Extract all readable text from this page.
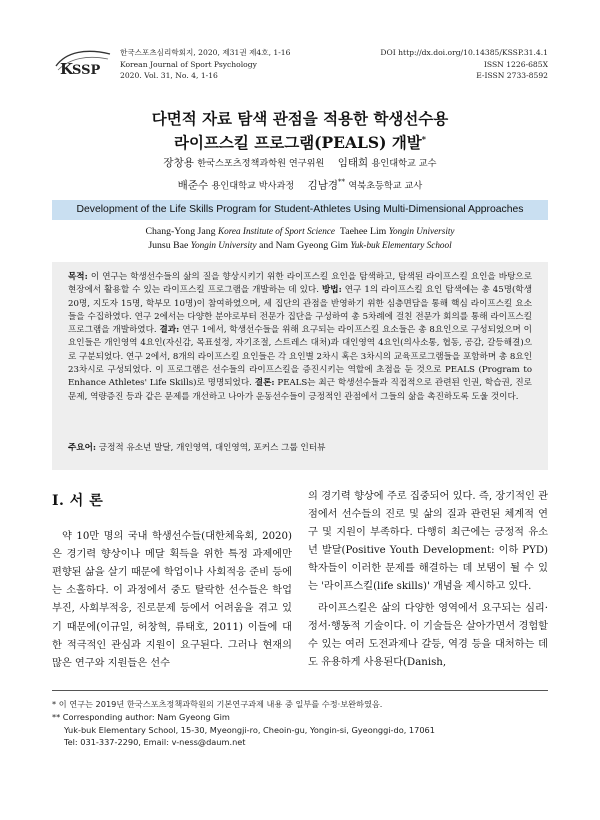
K
SSP
한국스포츠심리학회지, 2020, 제31권 제4호, 1-16
Korean Journal of Sport Psychology
2020. Vol. 31, No. 4, 1-16
DOI http://dx.doi.org/10.14385/KSSP.31.4.1
ISSN 1226-685X
E-ISSN 2733-8592
다면적 자료 탐색 관점을 적용한 학생선수용
라이프스킬 프로그램(PEALS) 개발*
장창용 한국스포츠정책과학원 연구위원 임태희 용인대학교 교수
배준수 용인대학교 박사과정 김남경** 역북초등학교 교사
Development of the Life Skills Program for Student-Athletes Using Multi-Dimensional Approaches
Chang-Yong Jang Korea Institute of Sport Science Taehee Lim Yongin University
Junsu Bae Yongin University and Nam Gyeong Gim Yuk-buk Elementary School

목적: 이 연구는 학생선수들의 삶의 질을 향상시키기 위한 라이프스킬 요인을 탐색하고, 탐색된 라이프스킬 요인을 바탕으로 현장에서 활용할 수 있는 라이프스킬 프로그램을 개발하는 데 있다. 방법: 연구 1의 라이프스킬 요인 탐색에는 총 45명(학생 20명, 지도자 15명, 학부모 10명)이 참여하였으며, 세 집단의 관점을 반영하기 위한 심층면담을 통해 핵심 라이프스킬 요소들을 수집하였다. 연구 2에서는 다양한 분야로부터 전문가 집단을 구성하여 총 5차례에 걸친 전문가 회의를 통해 라이프스킬 프로그램을 개발하였다. 결과: 연구 1에서, 학생선수들을 위해 요구되는 라이프스킬 요소들은 총 8요인으로 구성되었으며 이 요인들은 개인영역 4요인(자신감, 목표설정, 자기조절, 스트레스 대처)과 대인영역 4요인(의사소통, 협동, 공감, 갈등해결)으로 구분되었다. 연구 2에서, 8개의 라이프스킬 요인들은 각 요인별 2차시 혹은 3차시의 교육프로그램들을 포함하며 총 8요인 23차시로 구성되었다. 이 프로그램은 선수들의 라이프스킬을 증진시키는 역할에 초점을 둔 것으로 PEALS (Program to Enhance Athletes' Life Skills)로 명명되었다. 결론: PEALS는 최근 학생선수들과 직접적으로 관련된 인권, 학습권, 진로문제, 역량증진 등과 같은 문제를 개선하고 나아가 운동선수들이 긍정적인 관점에서 그들의 삶을 촉진하도록 도울 것이다.

주요어: 긍정적 유소년 발달, 개인영역, 대인영역, 포커스 그룹 인터뷰

I. 서 론

약 10만 명의 국내 학생선수들(대한체육회, 2020)은 경기력 향상이나 메달 획득을 위한 특정 과제에만 편향된 삶을 살기 때문에 학업이나 사회적응 준비 등에는 소홀하다. 이 과정에서 중도 탈락한 선수들은 학업부진, 사회부적응, 진로문제 등에서 어려움을 겪고 있기 때문에(이규일, 허창혁, 류태호, 2011) 이들에 대한 적극적인 관심과 지원이 요구된다. 그러나 현재의 많은 연구와 지원들은 선수

의 경기력 향상에 주로 집중되어 있다. 즉, 장기적인 관점에서 선수들의 진로 및 삶의 질과 관련된 체계적 연구 및 지원이 부족하다. 다행히 최근에는 긍정적 유소년 발달(Positive Youth Development: 이하 PYD) 학자들이 이러한 문제를 해결하는 데 보탬이 될 수 있는 '라이프스킬(life skills)' 개념을 제시하고 있다.

라이프스킬은 삶의 다양한 영역에서 요구되는 심리·정서·행동적 기술이다. 이 기술들은 살아가면서 경험할 수 있는 여러 도전과제나 갈등, 역경 등을 대처하는 데도 유용하게 사용된다(Danish,

* 이 연구는 2019년 한국스포츠정책과학원의 기본연구과제 내용 중 일부를 수정·보완하였음.
** Corresponding author: Nam Gyeong Gim
Yuk-buk Elementary School, 15-30, Myeongji-ro, Cheoin-gu, Yongin-si, Gyeonggi-do, 17061
Tel: 031-337-2290, Email: v-ness@daum.net
